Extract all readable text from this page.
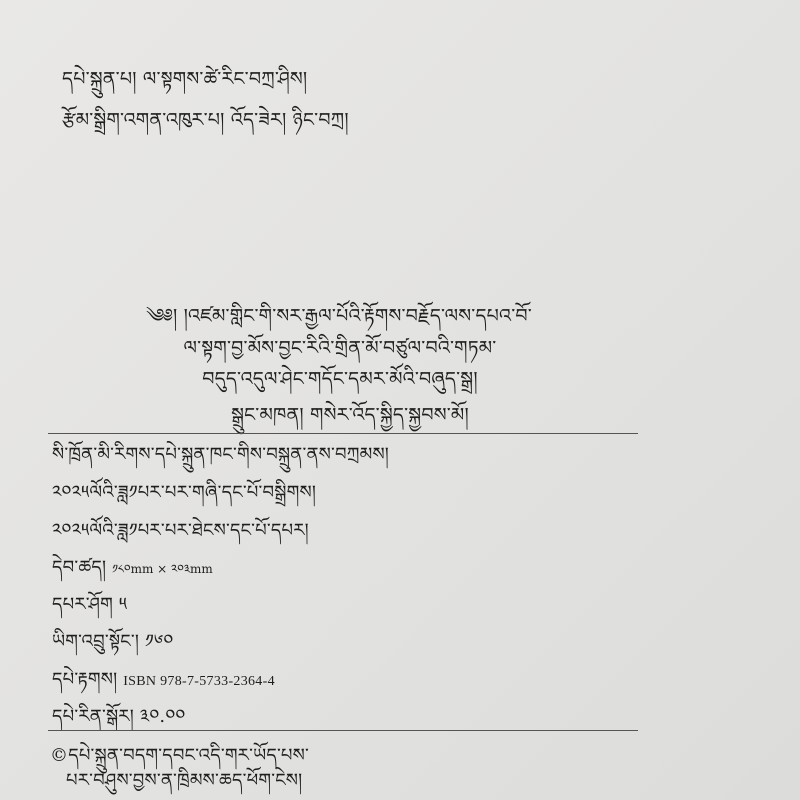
དཔེ་སྐྲུན་པ། ལ་སྟགས་ཚེ་རིང་བཀྲ་ཤིས།
རྩོམ་སྒྲིག་འགན་འཁུར་པ། འོད་ཟེར། ཉིང་བཀྲ།
༄༅། །འཛམ་གླིང་གི་སར་རྒྱལ་པོའི་རྟོགས་བརྗོད་ལས་དཔའ་བོ་
ལ་སྟག་བྱ་མོས་བྱང་རིའི་གྲིན་མོ་བཙུལ་བའི་གཏམ་
བདུད་འདུལ་ཤེང་གདོང་དམར་མོའི་བཞུད་སྒྲ།
སྒྲུང་མཁན། གསེར་འོད་སྐྱིད་སྐྱབས་མོ།
སི་ཁྲོན་མི་རིགས་དཔེ་སྐྲུན་ཁང་གིས་བསྐྲུན་ནས་བཀྲམས།
༢༠༢༥ལོའི་ཟླ༡པར་པར་གཞི་དང་པོ་བསྒྲིགས།
༢༠༢༥ལོའི་ཟླ༡པར་པར་ཐེངས་དང་པོ་དཔར།
དེབ་ཚད། ༡༨༠mm × ༢༠༣mm
དཔར་ཤོག ༥
ཡིག་འབྲུ་སྟོང་། ༡༦༠
དཔེ་རྟགས། ISBN 978-7-5733-2364-4
དཔེ་རིན་སྒོར། ༣༠.༠༠
©དཔེ་སྐྲུན་བདག་དབང་འདི་གར་ཡོད་པས་
པར་བཤུས་བྱས་ན་ཁྲིམས་ཆད་ཕོག་ངེས།
